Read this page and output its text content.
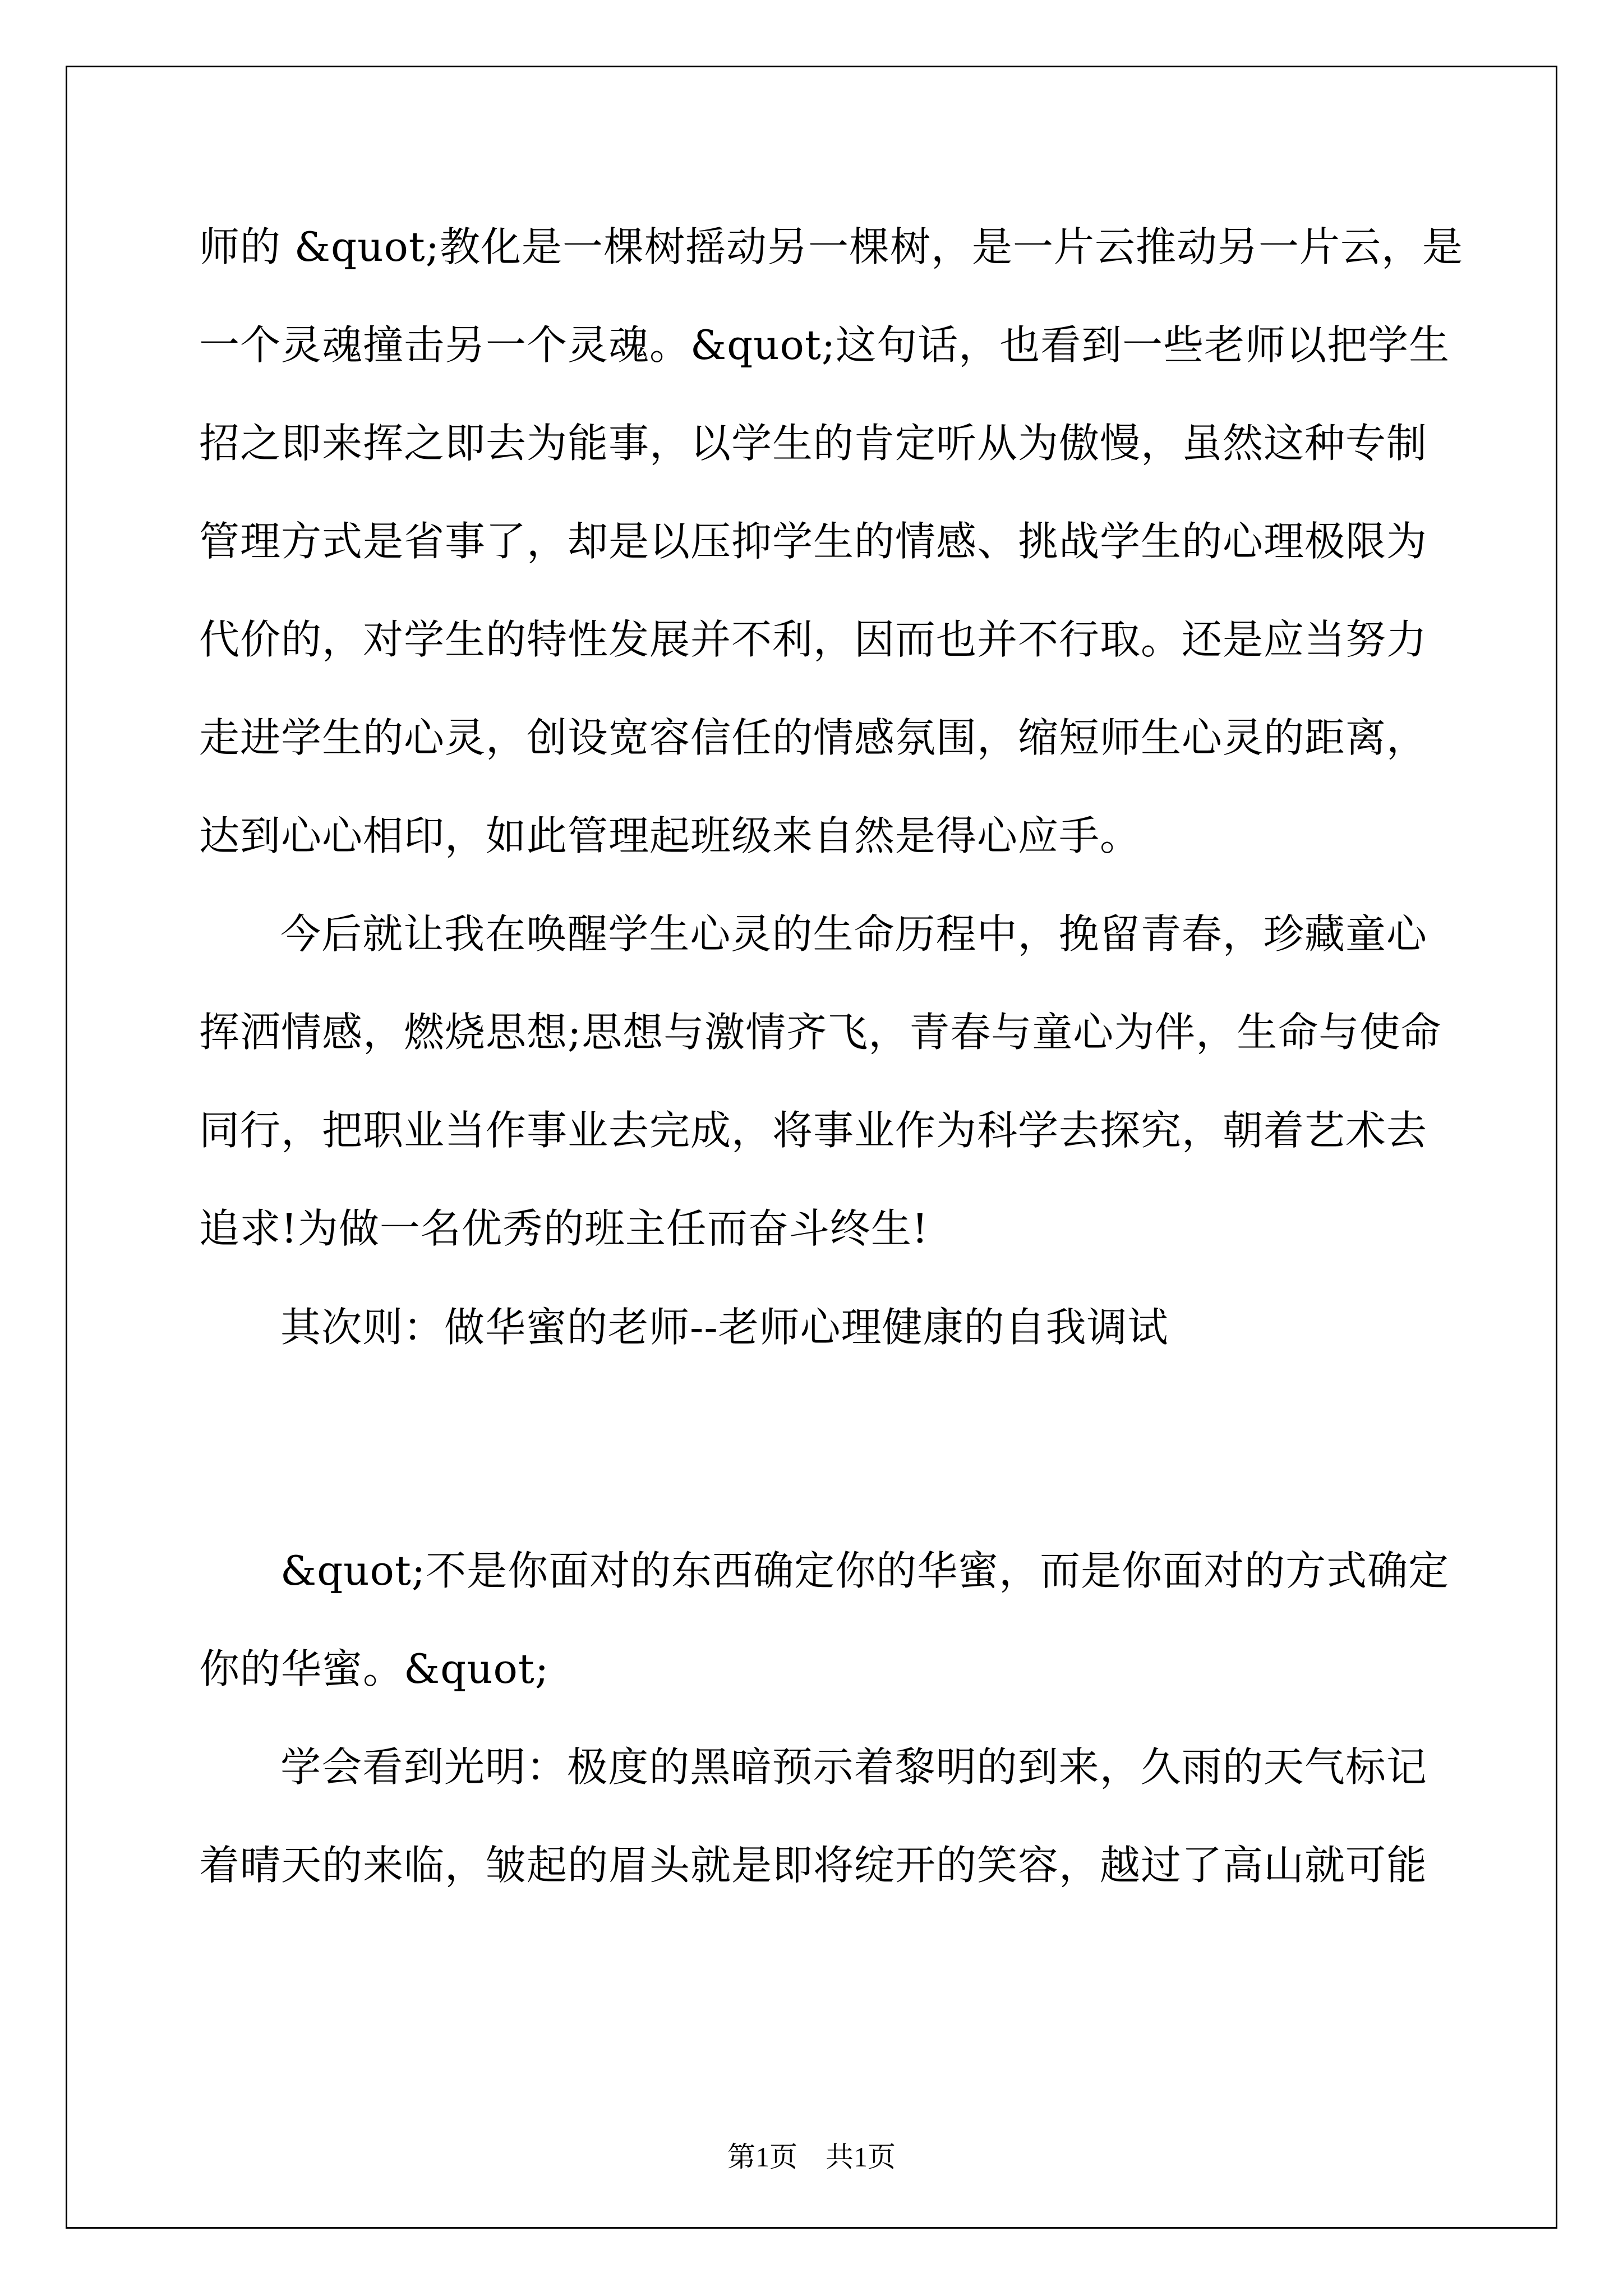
师的 &quot;教化是一棵树摇动另一棵树，是一片云推动另一片云，是
一个灵魂撞击另一个灵魂。&quot;这句话，也看到一些老师以把学生
招之即来挥之即去为能事，以学生的肯定听从为傲慢，虽然这种专制
管理方式是省事了，却是以压抑学生的情感、挑战学生的心理极限为
代价的，对学生的特性发展并不利，因而也并不行取。还是应当努力
走进学生的心灵，创设宽容信任的情感氛围，缩短师生心灵的距离，
达到心心相印，如此管理起班级来自然是得心应手。
今后就让我在唤醒学生心灵的生命历程中，挽留青春，珍藏童心
挥洒情感，燃烧思想;思想与激情齐飞，青春与童心为伴，生命与使命
同行，把职业当作事业去完成，将事业作为科学去探究，朝着艺术去
追求!为做一名优秀的班主任而奋斗终生!
其次则：做华蜜的老师--老师心理健康的自我调试
&quot;不是你面对的东西确定你的华蜜，而是你面对的方式确定
你的华蜜。&quot;
学会看到光明：极度的黑暗预示着黎明的到来，久雨的天气标记
着晴天的来临，皱起的眉头就是即将绽开的笑容，越过了高山就可能
第1页　共1页
